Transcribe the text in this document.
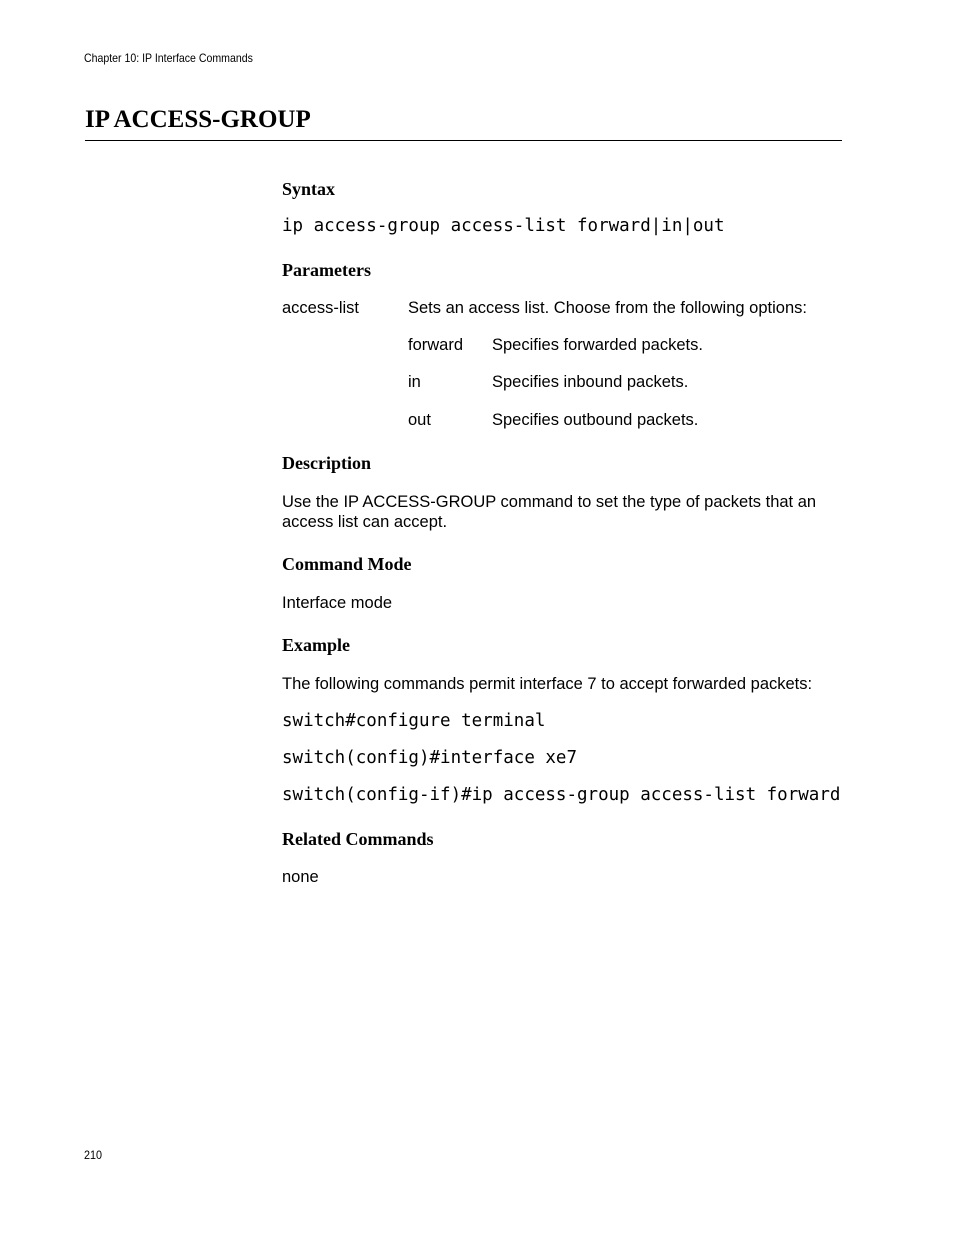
Chapter 10: IP Interface Commands
IP ACCESS-GROUP
Syntax
ip access-group access-list forward|in|out
Parameters
access-list	Sets an access list. Choose from the following options:
forward Specifies forwarded packets.
in	Specifies inbound packets.
out	Specifies outbound packets.
Description

Use the IP ACCESS-GROUP command to set the type of packets that an access list can accept.

Command Mode

Interface mode

Example

The following commands permit interface 7 to accept forwarded packets:

switch#configure terminal
switch(config)#interface xe7
switch(config-if)#ip access-group access-list forward
Related Commands

none

210
